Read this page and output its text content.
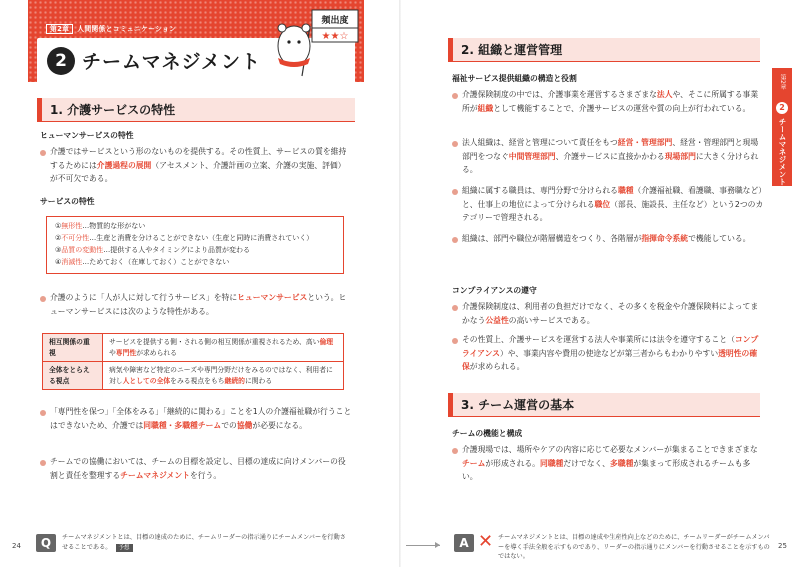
第2章 人間関係とコミュニケーション
2 チームマネジメント
頻出度
★★☆
1. 介護サービスの特性
ヒューマンサービスの特性
介護ではサービスという形のないものを提供する。その性質上、サービスの質を維持するためには介護過程の展開（アセスメント、介護計画の立案、介護の実施、評価）が不可欠である。
サービスの特性
①無形性…物質的な形がない
②不可分性…生産と消費を分けることができない（生産と同時に消費されていく）
③品質の変動性…提供する人やタイミングにより品質が変わる
④消滅性…ためておく（在庫しておく）ことができない
介護のように「人が人に対して行うサービス」を特にヒューマンサービスという。ヒューマンサービスには次のような特性がある。
相互関係の重視	サービスを提供する側・される側の相互関係が重視されるため、高い倫理や専門性が求められる
全体をとらえる視点	病気や障害など特定のニーズや専門分野だけをみるのではなく、利用者に対し人としての全体をみる視点をもち継続的に関わる
「専門性を保つ」「全体をみる」「継続的に関わる」ことを1人の介護福祉職が行うことはできないため、介護では同職種・多職種チームでの協働が必要になる。
チームでの協働においては、チームの目標を設定し、目標の達成に向けメンバーの役割と責任を整理するチームマネジメントを行う。
24	Q	チームマネジメントとは、目標の達成のために、チームリーダーの指示通りにチームメンバーを行動させることである。 予想
2. 組織と運営管理
福祉サービス提供組織の構造と役割
介護保険制度の中では、介護事業を運営するさまざまな法人や、そこに所属する事業所が組織として機能することで、介護サービスの運営や質の向上が行われている。
法人組織は、経営と管理について責任をもつ経営・管理部門、経営・管理部門と現場部門をつなぐ中間管理部門、介護サービスに直接かかわる現場部門に大きく分けられる。
組織に属する職員は、専門分野で分けられる職種（介護福祉職、看護職、事務職など）と、仕事上の地位によって分けられる職位（部長、施設長、主任など）という2つのカテゴリーで管理される。
組織は、部門や職位が階層構造をつくり、各階層が指揮命令系統で機能している。
コンプライアンスの遵守
介護保険制度は、利用者の負担だけでなく、その多くを税金や介護保険料によってまかなう公益性の高いサービスである。
その性質上、介護サービスを運営する法人や事業所には法令を遵守すること（コンプライアンス）や、事業内容や費用の使途などが第三者からもわかりやすい透明性の確保が求められる。
3. チーム運営の基本
チームの機能と構成
介護現場では、場所やケアの内容に応じて必要なメンバーが集まることできまざまなチームが形成される。同職種だけでなく、多職種が集まって形成されるチームも多い。
25
第2章
2
チームマネジメント
A ✕ チームマネジメントとは、目標の達成や生産性向上などのために、チームリーダーがチームメンバーを導く手法全般を示すものであり、リーダーの指示通りにメンバーを行動させることを示すものではない。
